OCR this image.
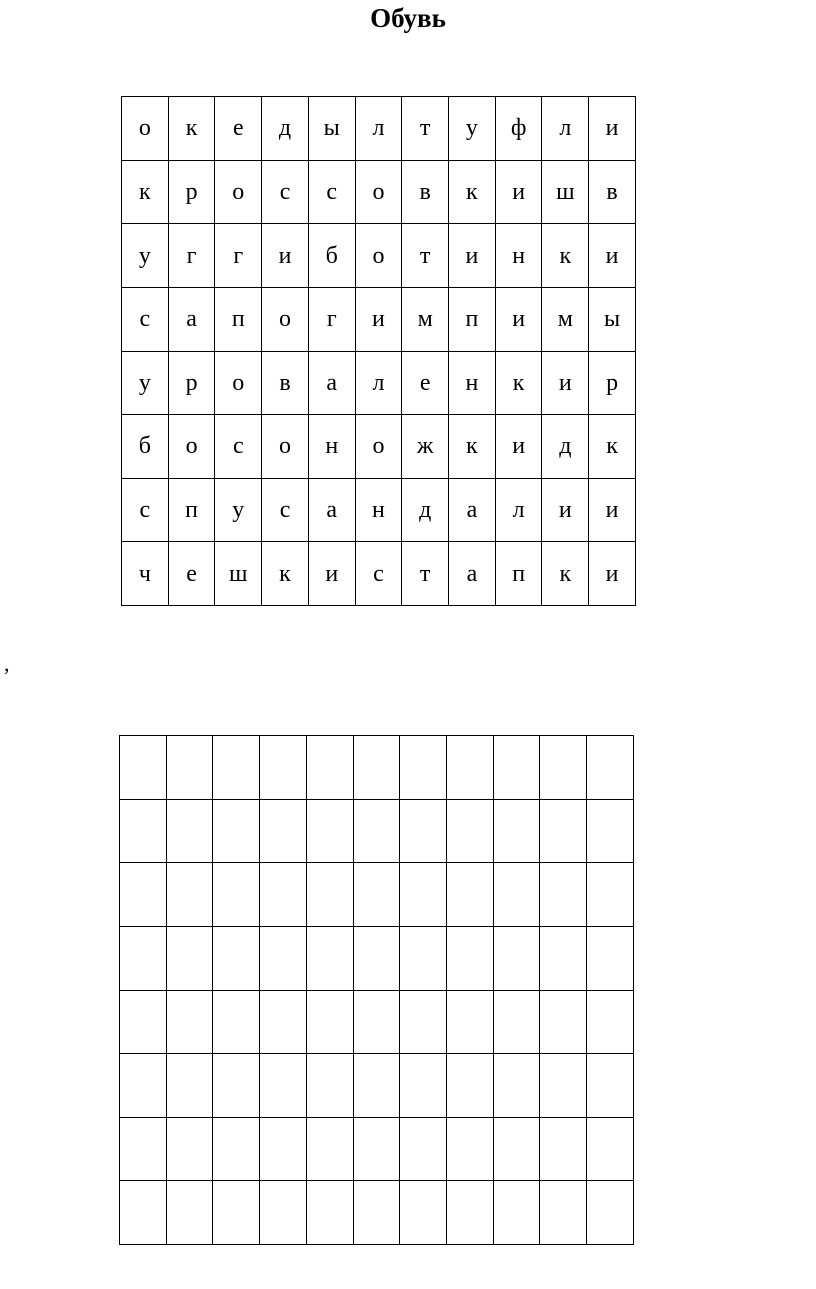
Обувь
о	к	е	д	ы	л	т	у	ф	л	и
к	р	о	с	с	о	в	к	и	ш	в
у	г	г	и	б	о	т	и	н	к	и
с	а	п	о	г	и	м	п	и	м	ы
у	р	о	в	а	л	е	н	к	и	р
б	о	с	о	н	о	ж	к	и	д	к
с	п	у	с	а	н	д	а	л	и	и
ч	е	ш	к	и	с	т	а	п	к	и
,
